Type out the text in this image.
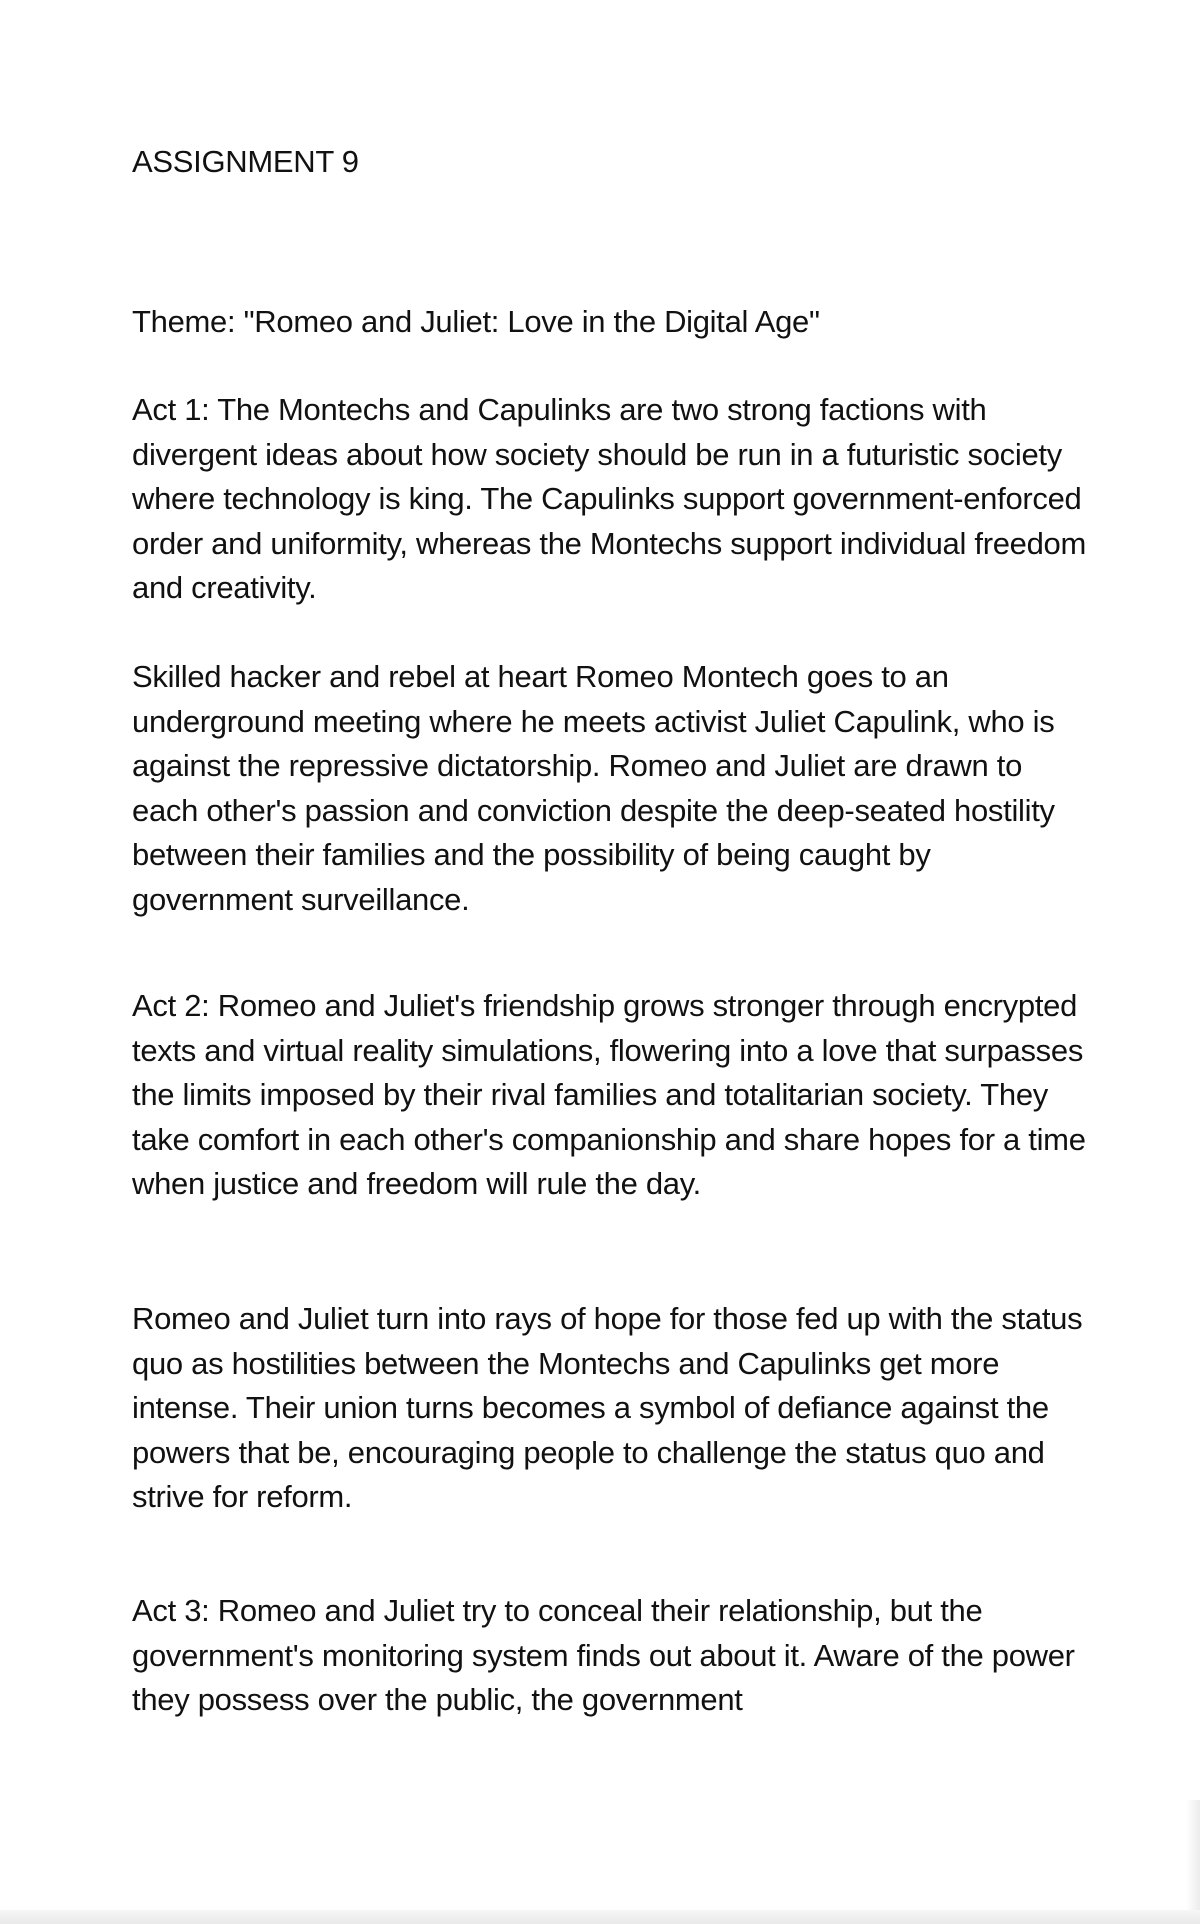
ASSIGNMENT 9

Theme: "Romeo and Juliet: Love in the Digital Age"

Act 1: The Montechs and Capulinks are two strong factions with divergent ideas about how society should be run in a futuristic society where technology is king. The Capulinks support government-enforced order and uniformity, whereas the Montechs support individual freedom and creativity.

Skilled hacker and rebel at heart Romeo Montech goes to an underground meeting where he meets activist Juliet Capulink, who is against the repressive dictatorship. Romeo and Juliet are drawn to each other's passion and conviction despite the deep-seated hostility between their families and the possibility of being caught by government surveillance.

Act 2: Romeo and Juliet's friendship grows stronger through encrypted texts and virtual reality simulations, flowering into a love that surpasses the limits imposed by their rival families and totalitarian society. They take comfort in each other's companionship and share hopes for a time when justice and freedom will rule the day.

Romeo and Juliet turn into rays of hope for those fed up with the status quo as hostilities between the Montechs and Capulinks get more intense. Their union turns becomes a symbol of defiance against the powers that be, encouraging people to challenge the status quo and strive for reform.

Act 3: Romeo and Juliet try to conceal their relationship, but the government's monitoring system finds out about it. Aware of the power they possess over the public, the government
